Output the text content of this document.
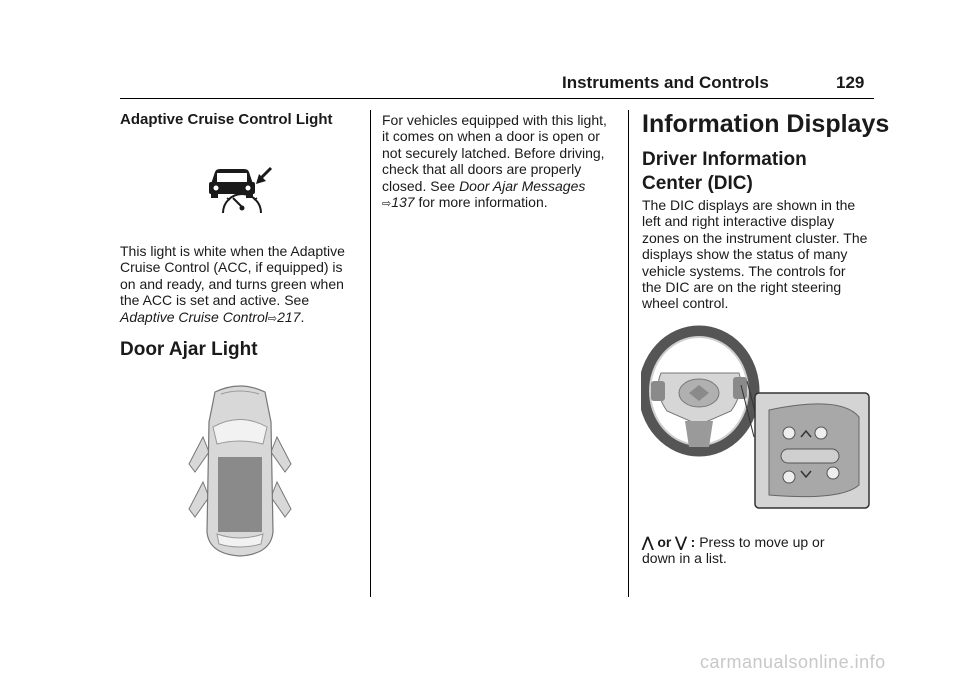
Instruments and Controls	129
Adaptive Cruise Control Light

This light is white when the Adaptive
Cruise Control (ACC, if equipped) is
on and ready, and turns green when
the ACC is set and active. See
Adaptive Cruise Control⇨217.

Door Ajar Light

For vehicles equipped with this light,
it comes on when a door is open or
not securely latched. Before driving,
check that all doors are properly
closed. See Door Ajar Messages
⇨137 for more information.

Information Displays
Driver Information
Center (DIC)

The DIC displays are shown in the
left and right interactive display
zones on the instrument cluster. The
displays show the status of many
vehicle systems. The controls for
the DIC are on the right steering
wheel control.

⋀ or ⋁ : Press to move up or
down in a list.

carmanualsonline.info
